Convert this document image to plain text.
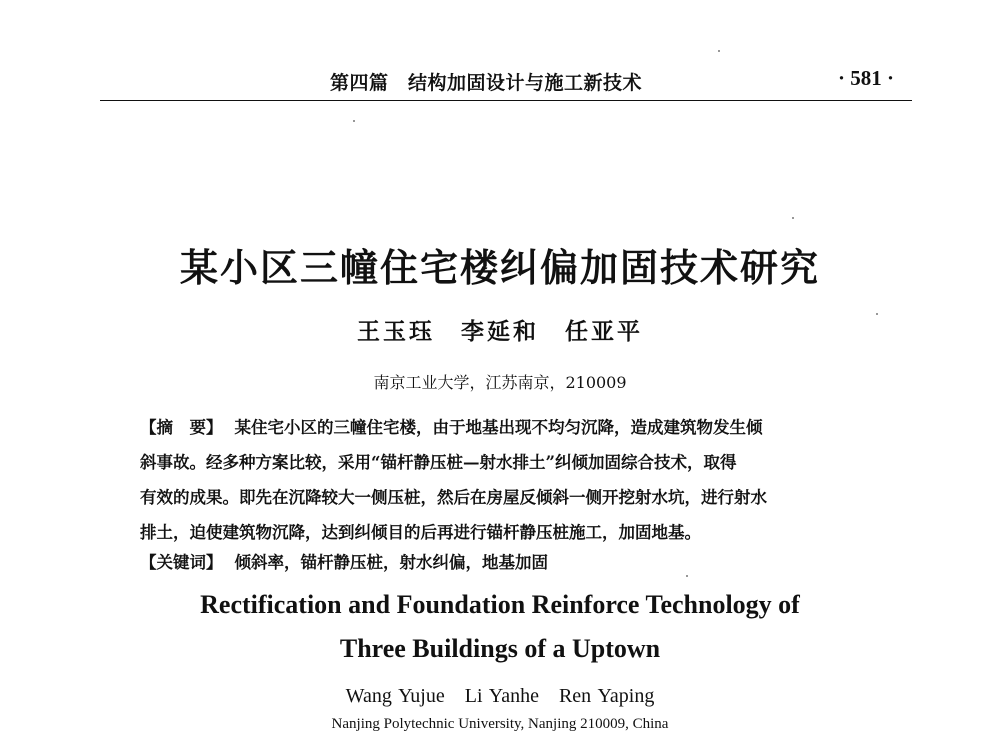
第四篇　结构加固设计与施工新技术	· 581 ·
某小区三幢住宅楼纠偏加固技术研究
王玉珏　李延和　任亚平
南京工业大学，江苏南京，210009
【摘　要】 某住宅小区的三幢住宅楼，由于地基出现不均匀沉降，造成建筑物发生倾
斜事故。经多种方案比较，采用“锚杆静压桩—射水排土”纠倾加固综合技术，取得
有效的成果。即先在沉降较大一侧压桩，然后在房屋反倾斜一侧开挖射水坑，进行射水
排土，迫使建筑物沉降，达到纠倾目的后再进行锚杆静压桩施工，加固地基。
【关键词】 倾斜率，锚杆静压桩，射水纠偏，地基加固
Rectification and Foundation Reinforce Technology of
Three Buildings of a Uptown
Wang Yujue　Li Yanhe　Ren Yaping
Nanjing Polytechnic University, Nanjing 210009, China
